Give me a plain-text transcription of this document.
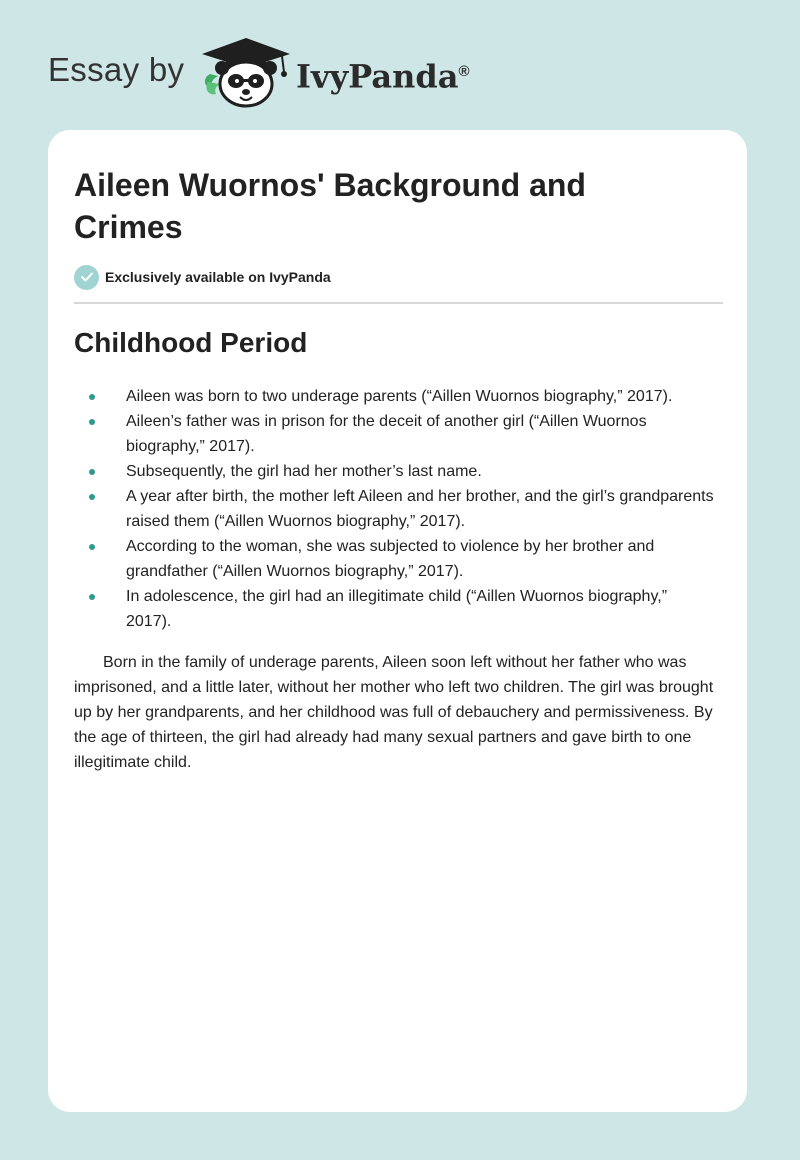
Essay by	IvyPanda®
Aileen Wuornos' Background and Crimes
Exclusively available on IvyPanda
Childhood Period
Aileen was born to two underage parents (“Aillen Wuornos biography,” 2017).
Aileen’s father was in prison for the deceit of another girl (“Aillen Wuornos biography,” 2017).
Subsequently, the girl had her mother’s last name.
A year after birth, the mother left Aileen and her brother, and the girl’s grandparents raised them (“Aillen Wuornos biography,” 2017).
According to the woman, she was subjected to violence by her brother and grandfather (“Aillen Wuornos biography,” 2017).
In adolescence, the girl had an illegitimate child (“Aillen Wuornos biography,” 2017).

Born in the family of underage parents, Aileen soon left without her father who was imprisoned, and a little later, without her mother who left two children. The girl was brought up by her grandparents, and her childhood was full of debauchery and permissiveness. By the age of thirteen, the girl had already had many sexual partners and gave birth to one illegitimate child.
